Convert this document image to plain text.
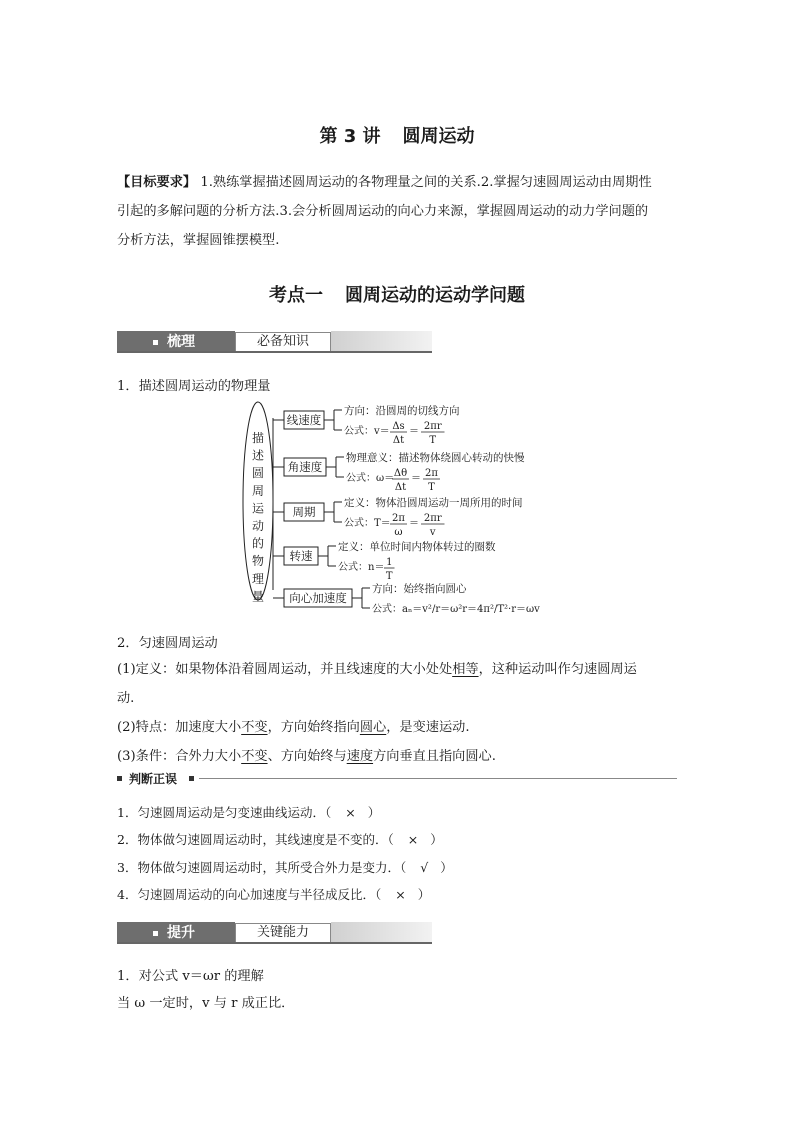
第 3 讲 圆周运动
【目标要求】 1.熟练掌握描述圆周运动的各物理量之间的关系.2.掌握匀速圆周运动由周期性
引起的多解问题的分析方法.3.会分析圆周运动的向心力来源，掌握圆周运动的动力学问题的
分析方法，掌握圆锥摆模型.
考点一 圆周运动的运动学问题
梳理	必备知识
1．描述圆周运动的物理量
描
述
圆
周
运
动
的
物
理
量
线速度
方向：沿圆周的切线方向
公式：v＝ Δs
Δt
＝ 2πr
T
角速度
物理意义：描述物体绕圆心转动的快慢
公式：ω＝ Δθ
Δt
＝ 2π
T
周期
定义：物体沿圆周运动一周所用的时间
公式：T＝ 2π
ω
＝ 2πr
v
转速
定义：单位时间内物体转过的圈数
公式：n＝ 1
T
向心加速度
方向：始终指向圆心
公式：aₙ＝v²/r＝ω²r＝4π²/T²·r＝ωv
2．匀速圆周运动
(1)定义：如果物体沿着圆周运动，并且线速度的大小处处相等，这种运动叫作匀速圆周运
动.
(2)特点：加速度大小不变，方向始终指向圆心，是变速运动.
(3)条件：合外力大小不变、方向始终与速度方向垂直且指向圆心.
判断正误
1．匀速圆周运动是匀变速曲线运动．（ × ）
2．物体做匀速圆周运动时，其线速度是不变的．（ × ）
3．物体做匀速圆周运动时，其所受合外力是变力．（ √ ）
4．匀速圆周运动的向心加速度与半径成反比．（ × ）
提升	关键能力
1．对公式 v＝ωr 的理解
当 ω 一定时，v 与 r 成正比．
